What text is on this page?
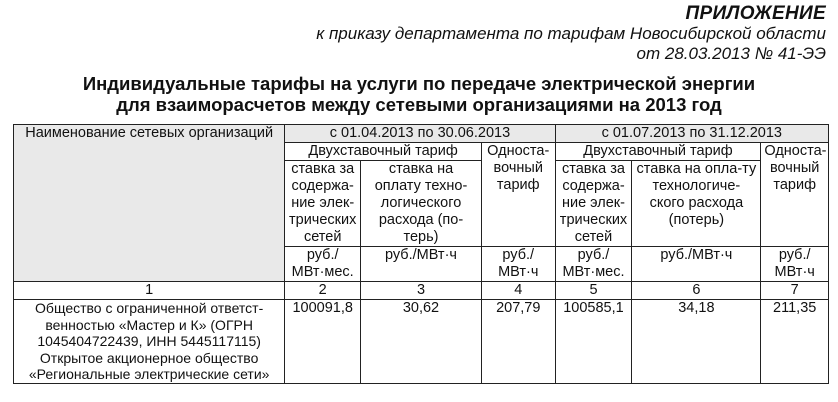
ПРИЛОЖЕНИЕ
к приказу департамента по тарифам Новосибирской области
от 28.03.2013 № 41-ЭЭ
Индивидуальные тарифы на услуги по передаче электрической энергии
для взаиморасчетов между сетевыми организациями на 2013 год
Наименование сетевых организаций	с 01.04.2013 по 30.06.2013			с 01.07.2013 по 31.12.2013		
	Двухставочный тариф		Односта-вочный тариф	Двухставочный тариф		Односта-вочный тариф
	ставка за содержа-ние элек-трических сетей	ставка на оплату техно-логического расхода (по-терь)		ставка за содержа-ние элек-трических сетей	ставка на опла-ту технологиче-ского расхода (потерь)	
	руб./МВт·мес.	руб./МВт·ч	руб./МВт·ч	руб./МВт·мес.	руб./МВт·ч	руб./МВт·ч
1	2	3	4	5	6	7

Общество с ограниченной ответст-венностью «Мастер и К» (ОГРН 1045404722439, ИНН 5445117115)
Открытое акционерное общество «Региональные электрические сети»	100091,8	30,62	207,79	100585,1	34,18	211,35
